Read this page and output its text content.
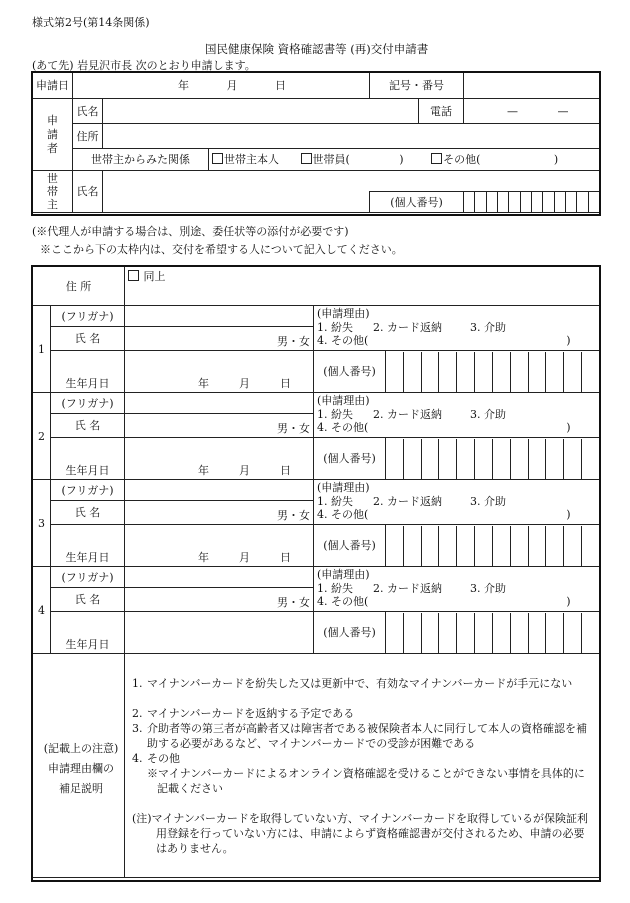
様式第2号(第14条関係)
国民健康保険 資格確認書等 (再)交付申請書
(あて先) 岩見沢市長 次のとおり申請します。
申請日	年 月 日			記号・番号		
申請者	氏名				電話	— —
	住所					
	世帯主からみた関係		世帯主本人 世帯員( ) その他( )			
世帯主	氏名					
				(個人番号)		
(※代理人が申請する場合は、別途、委任状等の添付が必要です)
※ここから下の太枠内は、交付を希望する人について記入してください。
住 所		同上		
1	(フリガナ)		(申請理由)
1. 紛失 2. カード返納 3. 介助
4. その他( )	

	氏 名	男・女		
	生年月日	年 月 日	(個人番号)	

2	(フリガナ)		(申請理由)
1. 紛失 2. カード返納 3. 介助
4. その他( )	

	氏 名	男・女		
	生年月日	年 月 日	(個人番号)	

3	(フリガナ)		(申請理由)
1. 紛失 2. カード返納 3. 介助
4. その他( )	

	氏 名	男・女		
	生年月日	年 月 日	(個人番号)	

4	(フリガナ)		(申請理由)
1. 紛失 2. カード返納 3. 介助
4. その他( )	

	氏 名	男・女		
	生年月日		(個人番号)	

(記載上の注意)
申請理由欄の
補足説明
1. マイナンバーカードを紛失した又は更新中で、有効なマイナンバーカードが手元にない
2. マイナンバーカードを返納する予定である
3. 介助者等の第三者が高齢者又は障害者である被保険者本人に同行して本人の資格確認を補助する必要があるなど、マイナンバーカードでの受診が困難である
4. その他
※マイナンバーカードによるオンライン資格確認を受けることができない事情を具体的に記載ください
(注)マイナンバーカードを取得していない方、マイナンバーカードを取得しているが保険証利用登録を行っていない方には、申請によらず資格確認書が交付されるため、申請の必要はありません。
